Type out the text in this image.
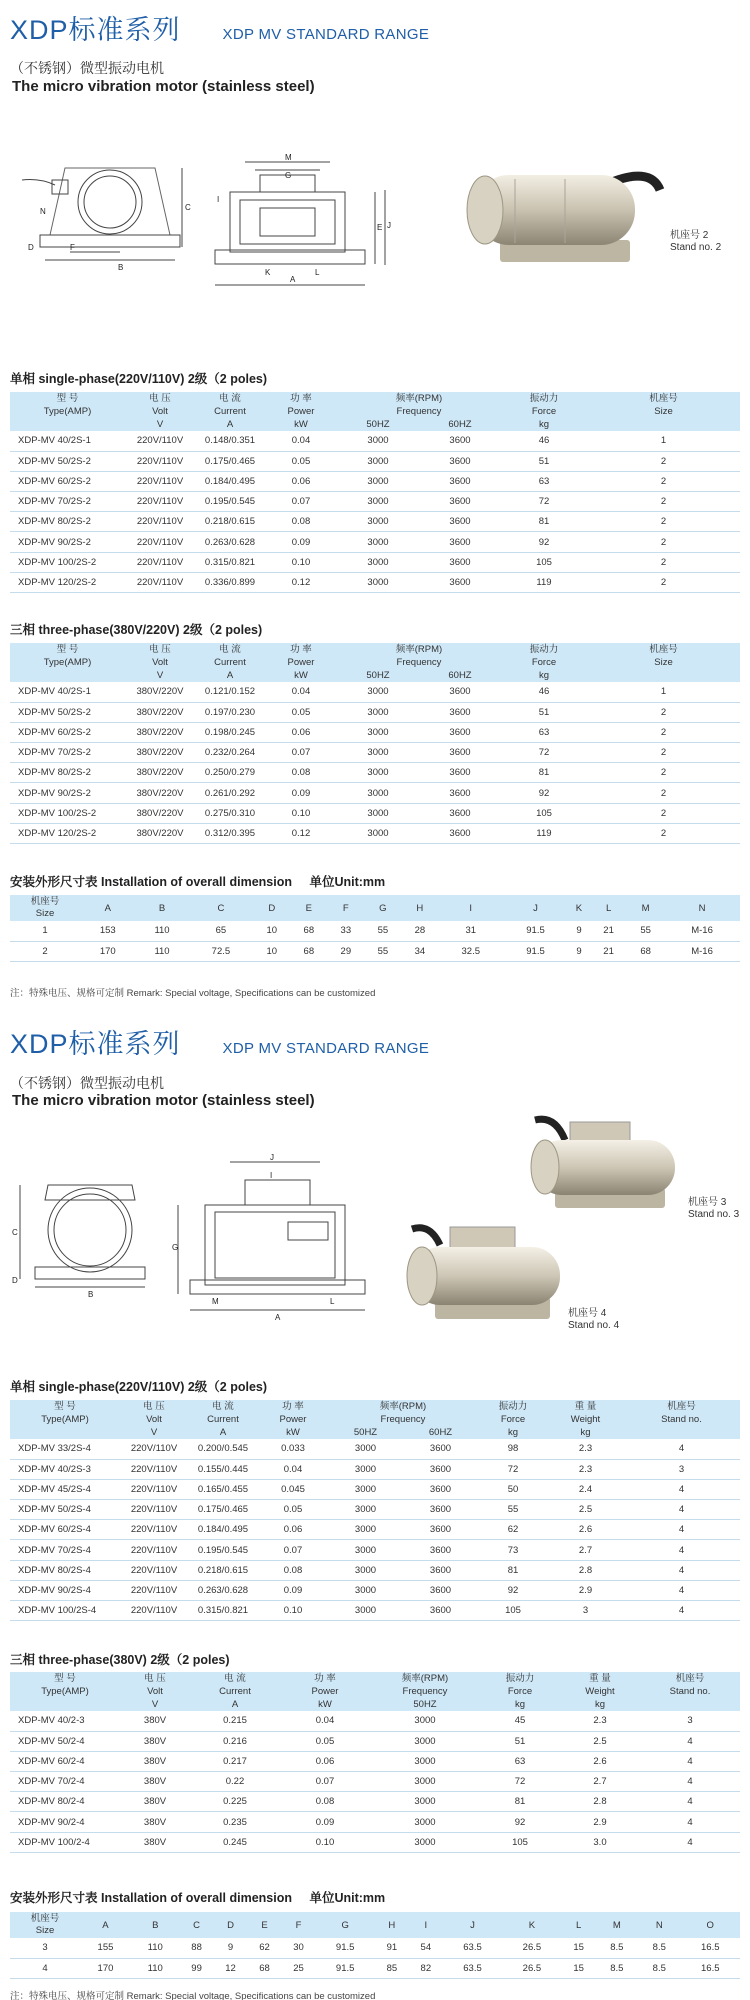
XDP标准系列	XDP MV STANDARD RANGE
（不锈钢）微型振动电机
The micro vibration motor (stainless steel)
F
B
C
N
D
M
G
A
E J
I
K	L
机座号 2
Stand no. 2
单相 single-phase(220V/110V) 2级（2 poles)
型 号	电 压	电 流	功 率	频率(RPM)		振动力	机座号
Type(AMP)	Volt	Current	Power	Frequency		Force	Size
	V	A	kW	50HZ	60HZ	kg	
XDP-MV 40/2S-1	220V/110V	0.148/0.351	0.04	3000	3600	46	1
XDP-MV 50/2S-2	220V/110V	0.175/0.465	0.05	3000	3600	51	2
XDP-MV 60/2S-2	220V/110V	0.184/0.495	0.06	3000	3600	63	2
XDP-MV 70/2S-2	220V/110V	0.195/0.545	0.07	3000	3600	72	2
XDP-MV 80/2S-2	220V/110V	0.218/0.615	0.08	3000	3600	81	2
XDP-MV 90/2S-2	220V/110V	0.263/0.628	0.09	3000	3600	92	2
XDP-MV 100/2S-2	220V/110V	0.315/0.821	0.10	3000	3600	105	2
XDP-MV 120/2S-2	220V/110V	0.336/0.899	0.12	3000	3600	119	2
三相 three-phase(380V/220V) 2级（2 poles)
型 号	电 压	电 流	功 率	频率(RPM)		振动力	机座号
Type(AMP)	Volt	Current	Power	Frequency		Force	Size
	V	A	kW	50HZ	60HZ	kg	
XDP-MV 40/2S-1	380V/220V	0.121/0.152	0.04	3000	3600	46	1
XDP-MV 50/2S-2	380V/220V	0.197/0.230	0.05	3000	3600	51	2
XDP-MV 60/2S-2	380V/220V	0.198/0.245	0.06	3000	3600	63	2
XDP-MV 70/2S-2	380V/220V	0.232/0.264	0.07	3000	3600	72	2
XDP-MV 80/2S-2	380V/220V	0.250/0.279	0.08	3000	3600	81	2
XDP-MV 90/2S-2	380V/220V	0.261/0.292	0.09	3000	3600	92	2
XDP-MV 100/2S-2	380V/220V	0.275/0.310	0.10	3000	3600	105	2
XDP-MV 120/2S-2	380V/220V	0.312/0.395	0.12	3000	3600	119	2
安装外形尺寸表 Installation of overall dimension 单位Unit:mm
机座号
Size	A	B	C	D	E	F	G	H	I	J	K	L	M	N
1	153	110	65	10	68	33	55	28	31	91.5	9	21	55	M-16
2	170	110	72.5	10	68	29	55	34	32.5	91.5	9	21	68	M-16
注：特殊电压、规格可定制 Remark: Special voltage, Specifications can be customized
XDP标准系列	XDP MV STANDARD RANGE
（不锈钢）微型振动电机
The micro vibration motor (stainless steel)
C
B
D
J
I
G
A
M	L
机座号 3
Stand no. 3
机座号 4
Stand no. 4
单相 single-phase(220V/110V) 2级（2 poles)
型 号	电 压	电 流	功 率	频率(RPM)		振动力	重 量	机座号
Type(AMP)	Volt	Current	Power	Frequency		Force	Weight	Stand no.
	V	A	kW	50HZ	60HZ	kg	kg	
XDP-MV 33/2S-4	220V/110V	0.200/0.545	0.033	3000	3600	98	2.3	4
XDP-MV 40/2S-3	220V/110V	0.155/0.445	0.04	3000	3600	72	2.3	3
XDP-MV 45/2S-4	220V/110V	0.165/0.455	0.045	3000	3600	50	2.4	4
XDP-MV 50/2S-4	220V/110V	0.175/0.465	0.05	3000	3600	55	2.5	4
XDP-MV 60/2S-4	220V/110V	0.184/0.495	0.06	3000	3600	62	2.6	4
XDP-MV 70/2S-4	220V/110V	0.195/0.545	0.07	3000	3600	73	2.7	4
XDP-MV 80/2S-4	220V/110V	0.218/0.615	0.08	3000	3600	81	2.8	4
XDP-MV 90/2S-4	220V/110V	0.263/0.628	0.09	3000	3600	92	2.9	4
XDP-MV 100/2S-4	220V/110V	0.315/0.821	0.10	3000	3600	105	3	4
三相 three-phase(380V) 2级（2 poles)
型 号	电 压	电 流	功 率	频率(RPM)	振动力	重 量	机座号
Type(AMP)	Volt	Current	Power	Frequency	Force	Weight	Stand no.
	V	A	kW	50HZ	kg	kg	
XDP-MV 40/2-3	380V	0.215	0.04	3000	45	2.3	3
XDP-MV 50/2-4	380V	0.216	0.05	3000	51	2.5	4
XDP-MV 60/2-4	380V	0.217	0.06	3000	63	2.6	4
XDP-MV 70/2-4	380V	0.22	0.07	3000	72	2.7	4
XDP-MV 80/2-4	380V	0.225	0.08	3000	81	2.8	4
XDP-MV 90/2-4	380V	0.235	0.09	3000	92	2.9	4
XDP-MV 100/2-4	380V	0.245	0.10	3000	105	3.0	4
安装外形尺寸表 Installation of overall dimension 单位Unit:mm
机座号
Size	A	B	C	D	E	F	G	H	I	J	K	L	M	N	O
3	155	110	88	9	62	30	91.5	91	54	63.5	26.5	15	8.5	8.5	16.5
4	170	110	99	12	68	25	91.5	85	82	63.5	26.5	15	8.5	8.5	16.5
注：特殊电压、规格可定制 Remark: Special voltage, Specifications can be customized
